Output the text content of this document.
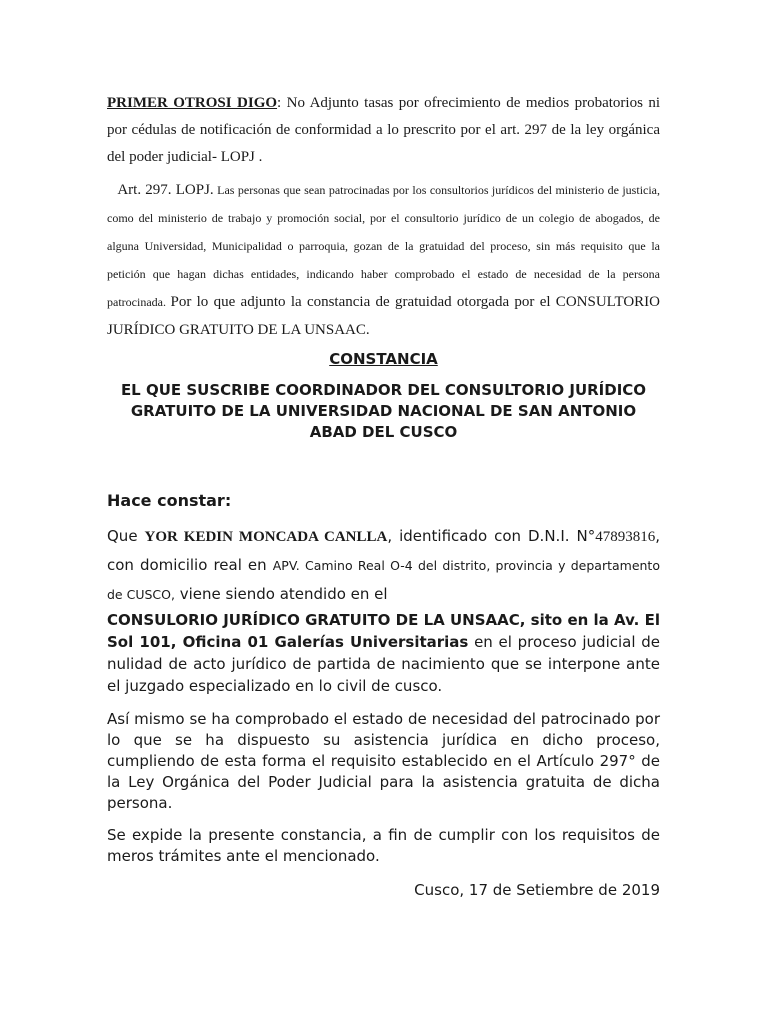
PRIMER OTROSI DIGO: No Adjunto tasas por ofrecimiento de medios probatorios ni por cédulas de notificación de conformidad a lo prescrito por el art. 297 de la ley orgánica del poder judicial- LOPJ .
Art. 297. LOPJ. Las personas que sean patrocinadas por los consultorios jurídicos del ministerio de justicia, como del ministerio de trabajo y promoción social, por el consultorio jurídico de un colegio de abogados, de alguna Universidad, Municipalidad o parroquia, gozan de la gratuidad del proceso, sin más requisito que la petición que hagan dichas entidades, indicando haber comprobado el estado de necesidad de la persona patrocinada. Por lo que adjunto la constancia de gratuidad otorgada por el CONSULTORIO JURÍDICO GRATUITO DE LA UNSAAC.
CONSTANCIA
EL QUE SUSCRIBE COORDINADOR DEL CONSULTORIO JURÍDICO GRATUITO DE LA UNIVERSIDAD NACIONAL DE SAN ANTONIO ABAD DEL CUSCO
Hace constar:
Que YOR KEDIN MONCADA CANLLA, identificado con D.N.I. N°47893816, con domicilio real en APV. Camino Real O-4 del distrito, provincia y departamento de CUSCO, viene siendo atendido en el
CONSULORIO JURÍDICO GRATUITO DE LA UNSAAC, sito en la Av. El Sol 101, Oficina 01 Galerías Universitarias en el proceso judicial de nulidad de acto jurídico de partida de nacimiento que se interpone ante el juzgado especializado en lo civil de cusco.
Así mismo se ha comprobado el estado de necesidad del patrocinado por lo que se ha dispuesto su asistencia jurídica en dicho proceso, cumpliendo de esta forma el requisito establecido en el Artículo 297° de la Ley Orgánica del Poder Judicial para la asistencia gratuita de dicha persona.
Se expide la presente constancia, a fin de cumplir con los requisitos de meros trámites ante el mencionado.
Cusco, 17 de Setiembre de 2019
